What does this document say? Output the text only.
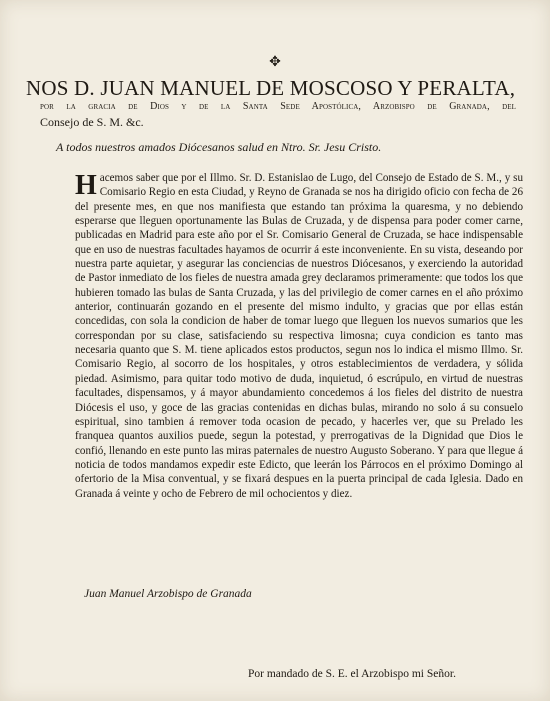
✥
NOS D. JUAN MANUEL DE MOSCOSO Y PERALTA,
por la gracia de Dios y de la Santa Sede Apostólica, Arzobispo de Granada, del
Consejo de S. M. &c.
A todos nuestros amados Diócesanos salud en Ntro. Sr. Jesu Cristo.
Hacemos saber que por el Illmo. Sr. D. Estanislao de Lugo, del Consejo de Estado de S. M., y su Comisario Regio en esta Ciudad, y Reyno de Granada se nos ha dirigido oficio con fecha de 26 del presente mes, en que nos manifiesta que estando tan próxima la quaresma, y no debiendo esperarse que lleguen oportunamente las Bulas de Cruzada, y de dispensa para poder comer carne, publicadas en Madrid para este año por el Sr. Comisario General de Cruzada, se hace indispensable que en uso de nuestras facultades hayamos de ocurrir á este inconveniente. En su vista, deseando por nuestra parte aquietar, y asegurar las conciencias de nuestros Diócesanos, y exerciendo la autoridad de Pastor inmediato de los fieles de nuestra amada grey declaramos primeramente: que todos los que hubieren tomado las bulas de Santa Cruzada, y las del privilegio de comer carnes en el año próximo anterior, continuarán gozando en el presente del mismo indulto, y gracias que por ellas están concedidas, con sola la condicion de haber de tomar luego que lleguen los nuevos sumarios que les correspondan por su clase, satisfaciendo su respectiva limosna; cuya condicion es tanto mas necesaria quanto que S. M. tiene aplicados estos productos, segun nos lo indica el mismo Illmo. Sr. Comisario Regio, al socorro de los hospitales, y otros establecimientos de verdadera, y sólida piedad. Asimismo, para quitar todo motivo de duda, inquietud, ó escrúpulo, en virtud de nuestras facultades, dispensamos, y á mayor abundamiento concedemos á los fieles del distrito de nuestra Diócesis el uso, y goce de las gracias contenidas en dichas bulas, mirando no solo á su consuelo espiritual, sino tambien á remover toda ocasion de pecado, y hacerles ver, que su Prelado les franquea quantos auxilios puede, segun la potestad, y prerrogativas de la Dignidad que Dios le confió, llenando en este punto las miras paternales de nuestro Augusto Soberano. Y para que llegue á noticia de todos mandamos expedir este Edicto, que leerán los Párrocos en el próximo Domingo al ofertorio de la Misa conventual, y se fixará despues en la puerta principal de cada Iglesia. Dado en Granada á veinte y ocho de Febrero de mil ochocientos y diez.
Juan Manuel Arzobispo de Granada
Por mandado de S. E. el Arzobispo mi Señor.
